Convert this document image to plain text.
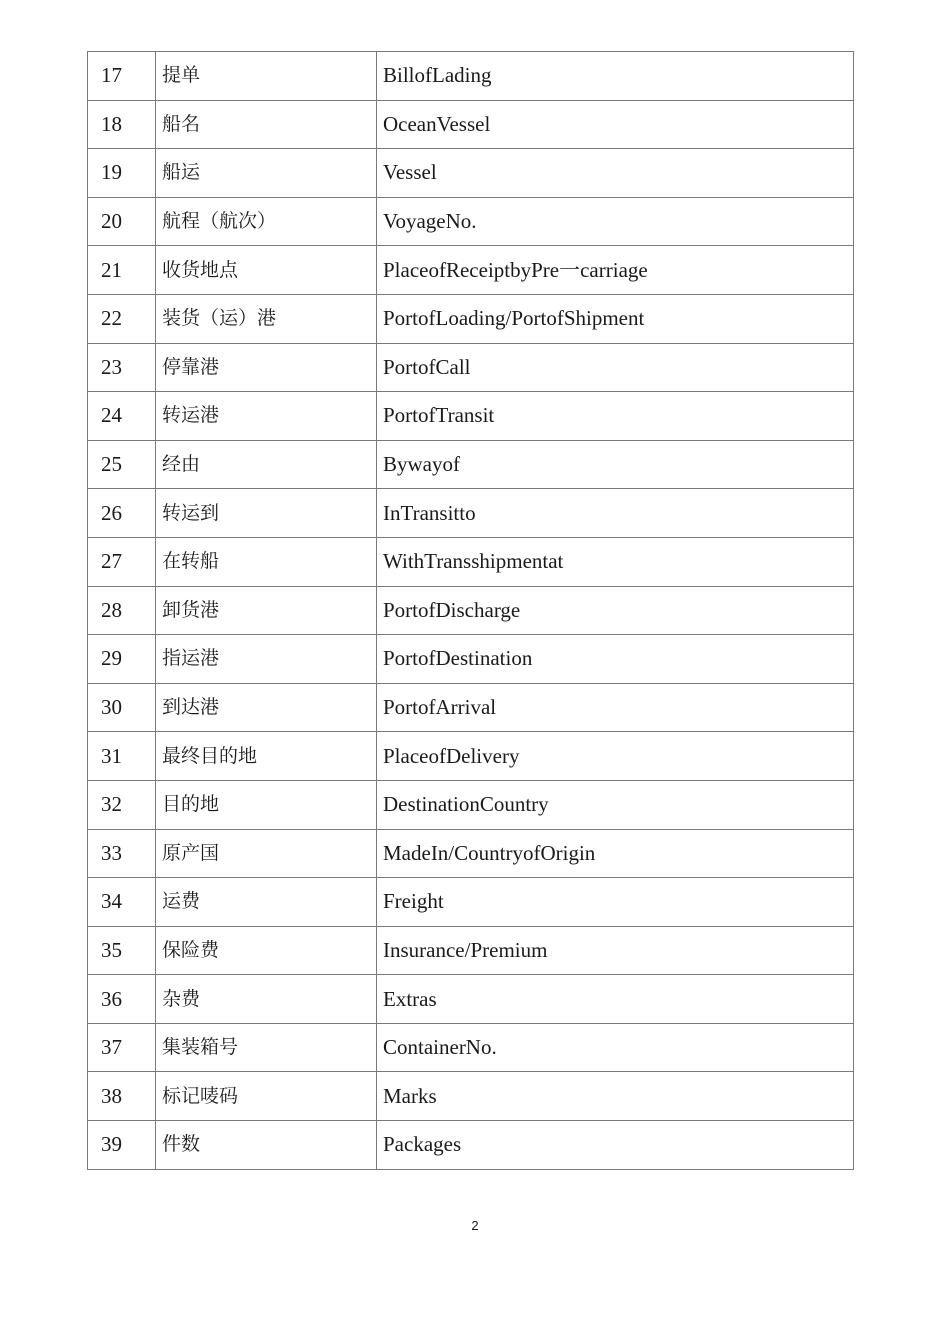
17	提单	BillofLading
18	船名	OceanVessel
19	船运	Vessel
20	航程（航次）	VoyageNo.
21	收货地点	PlaceofReceiptbyPre一carriage
22	装货（运）港	PortofLoading/PortofShipment
23	停靠港	PortofCall
24	转运港	PortofTransit
25	经由	Bywayof
26	转运到	InTransitto
27	在转船	WithTransshipmentat
28	卸货港	PortofDischarge
29	指运港	PortofDestination
30	到达港	PortofArrival
31	最终目的地	PlaceofDelivery
32	目的地	DestinationCountry
33	原产国	MadeIn/CountryofOrigin
34	运费	Freight
35	保险费	Insurance/Premium
36	杂费	Extras
37	集装箱号	ContainerNo.
38	标记唛码	Marks
39	件数	Packages
2
